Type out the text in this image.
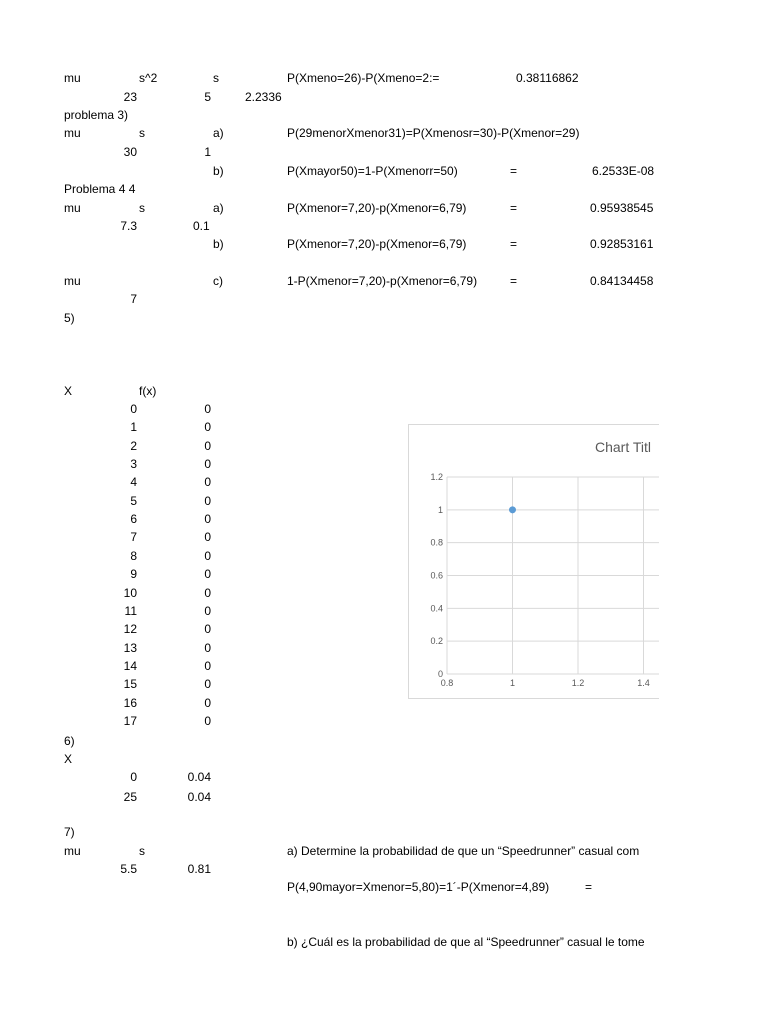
mu	s^2	s	P(Xmeno=26)-P(Xmeno=2:=	0.38116862
23	5	2.2336
problema 3)
mu	s	a)	P(29menorXmenor31)=P(Xmenosr=30)-P(Xmenor=29)
30	1
b)	P(Xmayor50)=1-P(Xmenorr=50)	=	6.2533E-08
Problema 4 4
mu	s	a)	P(Xmenor=7,20)-p(Xmenor=6,79)	=	0.95938545
7.3	0.1
b)	P(Xmenor=7,20)-p(Xmenor=6,79)	=	0.92853161
mu	c)	1-P(Xmenor=7,20)-p(Xmenor=6,79)	=	0.84134458
7
5)
X	f(x)
0	0
1	0
2	0
3	0
4	0
5	0
6	0
7	0
8	0
9	0
10	0
11	0
12	0
13	0
14	0
15	0
16	0
17	0
6)
X
0	0.04
25	0.04
7)
mu	s	a) Determine la probabilidad de que un “Speedrunner” casual com
5.5	0.81
P(4,90mayor=Xmenor=5,80)=1´-P(Xmenor=4,89)	=
b) ¿Cuál es la probabilidad de que al “Speedrunner” casual le tome
Chart Titl
0
0.2
0.4
0.6
0.8
1
1.2
0.8	1	1.2	1.4
